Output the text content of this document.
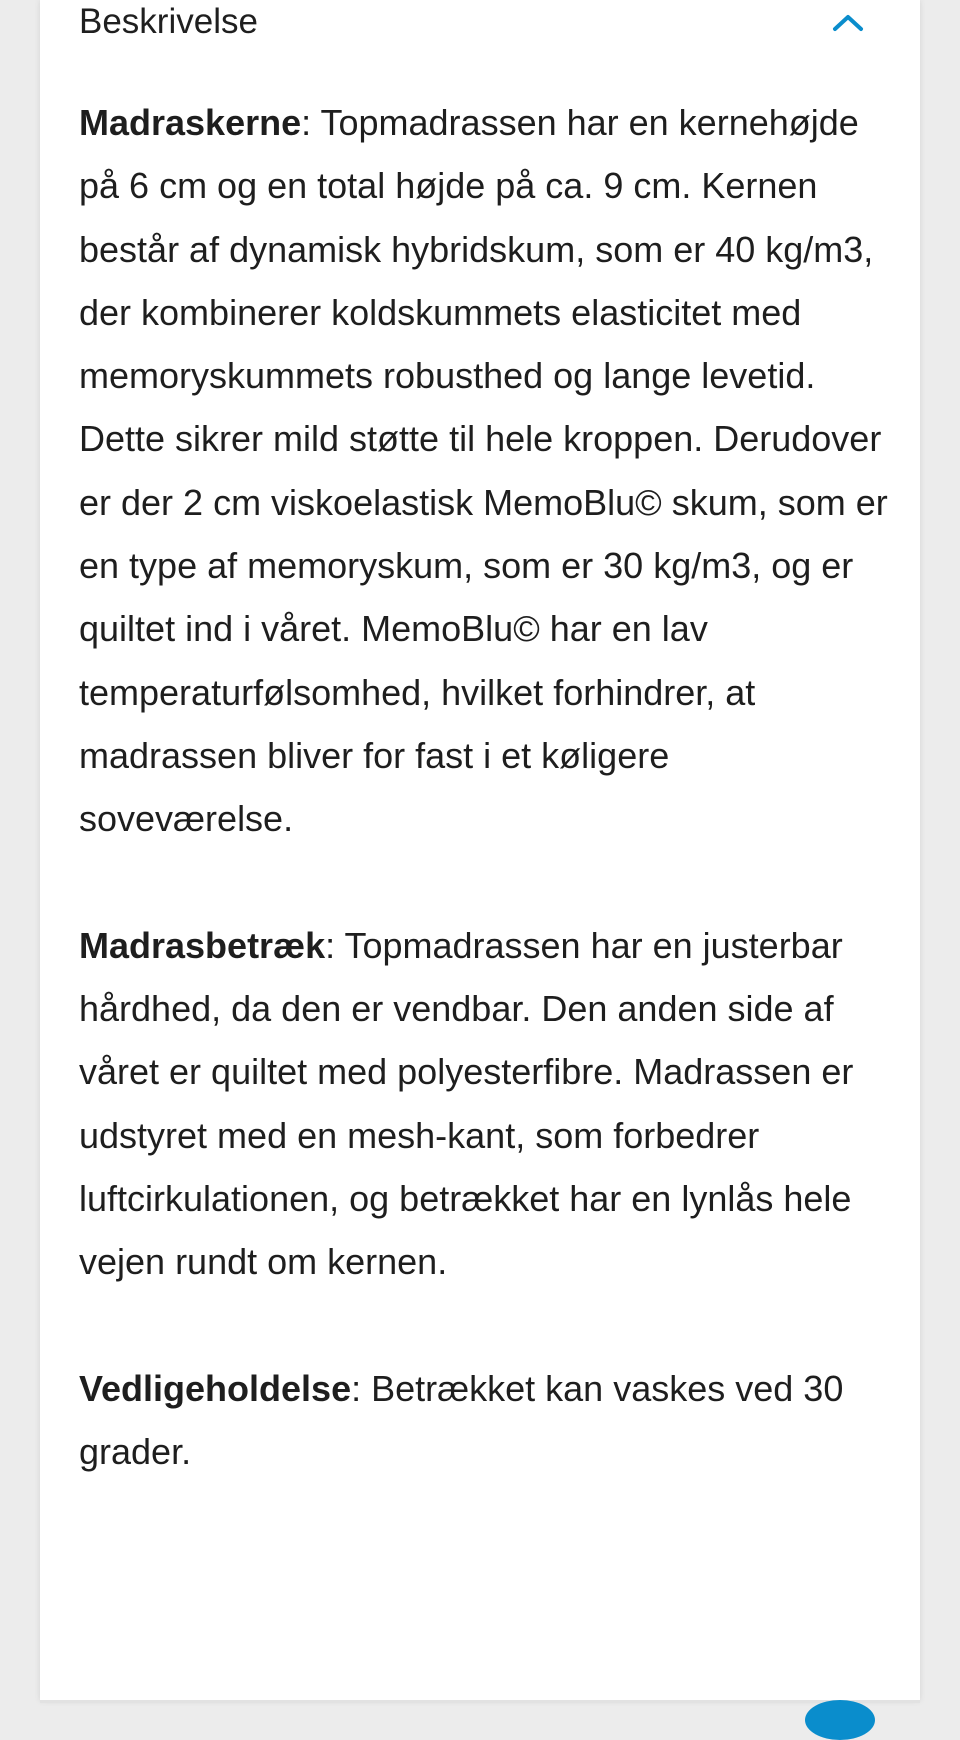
Beskrivelse

Madraskerne: Topmadrassen har en kernehøjde på 6 cm og en total højde på ca. 9 cm. Kernen består af dynamisk hybridskum, som er 40 kg/m3, der kombinerer koldskummets elasticitet med memoryskummets robusthed og lange levetid. Dette sikrer mild støtte til hele kroppen. Derudover er der 2 cm viskoelastisk MemoBlu© skum, som er en type af memoryskum, som er 30 kg/m3, og er quiltet ind i våret. MemoBlu© har en lav temperaturfølsomhed, hvilket forhindrer, at madrassen bliver for fast i et køligere soveværelse.

Madrasbetræk: Topmadrassen har en justerbar hårdhed, da den er vendbar. Den anden side af våret er quiltet med polyesterfibre. Madrassen er udstyret med en mesh-kant, som forbedrer luftcirkulationen, og betrækket har en lynlås hele vejen rundt om kernen.

Vedligeholdelse: Betrækket kan vaskes ved 30 grader.
